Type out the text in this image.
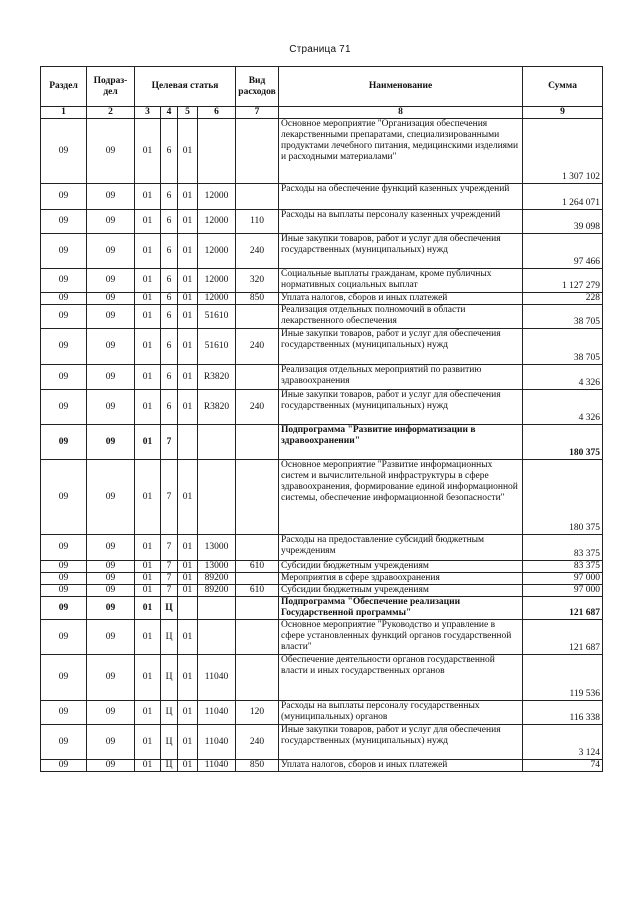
Страница 71
Раздел	Подраз-дел	Целевая статья				Вид расходов	Наименование	Сумма
1	2	3	4	5	6	7	8	9
09	09	01	6	01			Основное мероприятие "Организация обеспечения лекарственными препаратами, специализированными продуктами лечебного питания, медицинскими изделиями и расходными материалами"	1 307 102
09	09	01	6	01	12000		Расходы на обеспечение функций казенных учреждений	1 264 071
09	09	01	6	01	12000	110	Расходы на выплаты персоналу казенных учреждений	39 098
09	09	01	6	01	12000	240	Иные закупки товаров, работ и услуг для обеспечения государственных (муниципальных) нужд	97 466
09	09	01	6	01	12000	320	Социальные выплаты гражданам, кроме публичных нормативных социальных выплат	1 127 279
09	09	01	6	01	12000	850	Уплата налогов, сборов и иных платежей	228
09	09	01	6	01	51610		Реализация отдельных полномочий в области лекарственного обеспечения	38 705
09	09	01	6	01	51610	240	Иные закупки товаров, работ и услуг для обеспечения государственных (муниципальных) нужд	38 705
09	09	01	6	01	R3820		Реализация отдельных мероприятий по развитию здравоохранения	4 326
09	09	01	6	01	R3820	240	Иные закупки товаров, работ и услуг для обеспечения государственных (муниципальных) нужд	4 326
09	09	01	7				Подпрограмма "Развитие информатизации в здравоохранении"	180 375
09	09	01	7	01			Основное мероприятие "Развитие информационных систем и вычислительной инфраструктуры в сфере здравоохранения, формирование единой информационной системы, обеспечение информационной безопасности"	180 375
09	09	01	7	01	13000		Расходы на предоставление субсидий бюджетным учреждениям	83 375
09	09	01	7	01	13000	610	Субсидии бюджетным учреждениям	83 375
09	09	01	7	01	89200		Мероприятия в сфере здравоохранения	97 000
09	09	01	7	01	89200	610	Субсидии бюджетным учреждениям	97 000
09	09	01	Ц				Подпрограмма "Обеспечение реализации Государственной программы"	121 687
09	09	01	Ц	01			Основное мероприятие "Руководство и управление в сфере установленных функций органов государственной власти"	121 687
09	09	01	Ц	01	11040		Обеспечение деятельности органов государственной власти и иных государственных органов	119 536
09	09	01	Ц	01	11040	120	Расходы на выплаты персоналу государственных (муниципальных) органов	116 338
09	09	01	Ц	01	11040	240	Иные закупки товаров, работ и услуг для обеспечения государственных (муниципальных) нужд	3 124
09	09	01	Ц	01	11040	850	Уплата налогов, сборов и иных платежей	74
